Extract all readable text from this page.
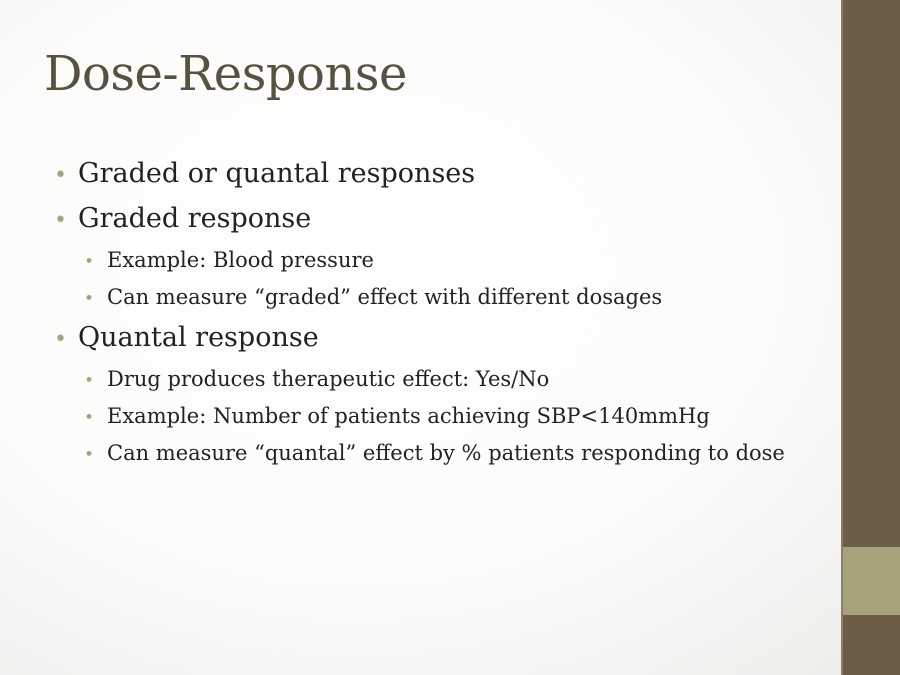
Dose-Response
• Graded or quantal responses
• Graded response
• Example: Blood pressure
• Can measure “graded” effect with different dosages
• Quantal response
• Drug produces therapeutic effect: Yes/No
• Example: Number of patients achieving SBP<140mmHg
• Can measure “quantal” effect by % patients responding to dose
